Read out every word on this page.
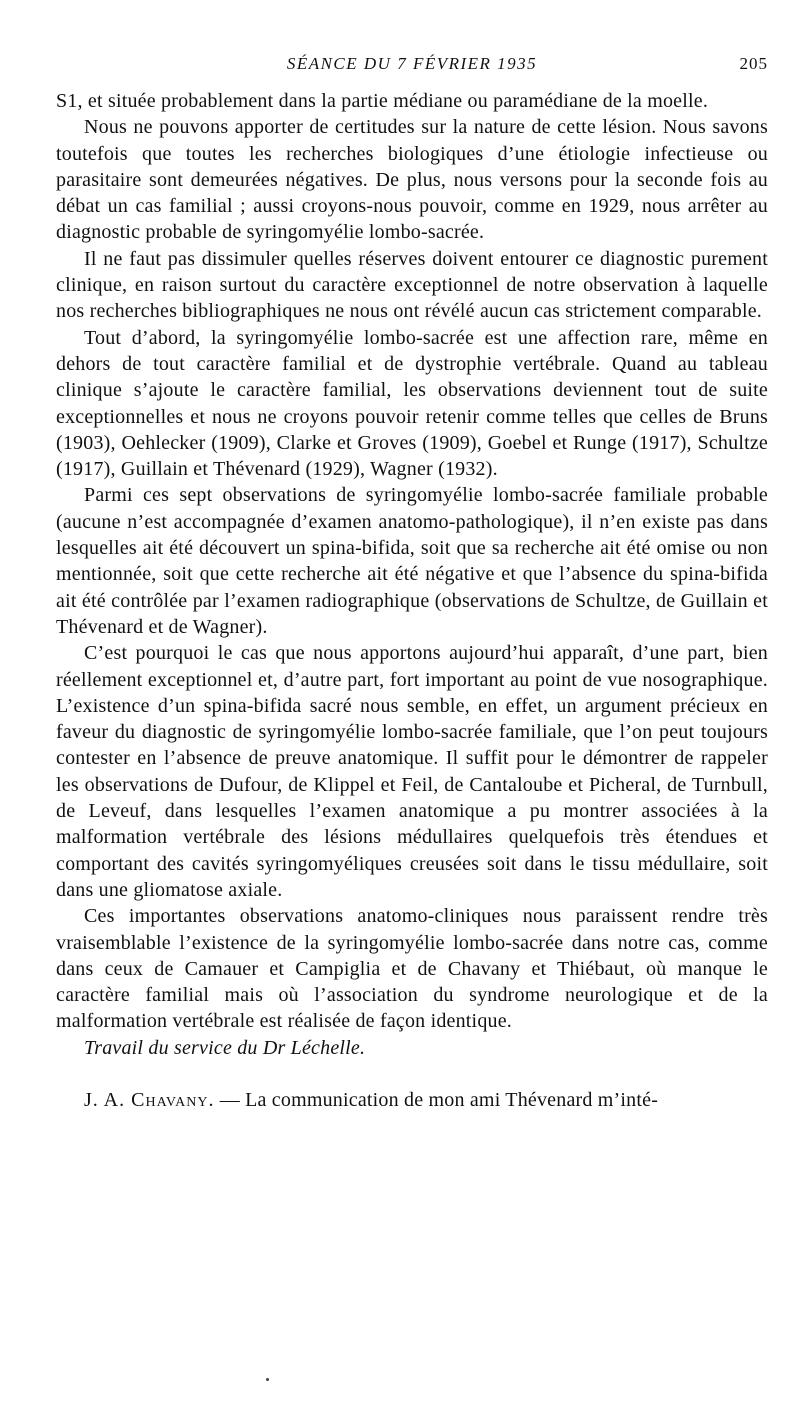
SÉANCE DU 7 FÉVRIER 1935	205

S1, et située probablement dans la partie médiane ou paramédiane de la moelle.

Nous ne pouvons apporter de certitudes sur la nature de cette lésion. Nous savons toutefois que toutes les recherches biologiques d’une étiologie infectieuse ou parasitaire sont demeurées négatives. De plus, nous versons pour la seconde fois au débat un cas familial ; aussi croyons-nous pouvoir, comme en 1929, nous arrêter au diagnostic probable de syringomyélie lombo-sacrée.

Il ne faut pas dissimuler quelles réserves doivent entourer ce diagnostic purement clinique, en raison surtout du caractère exceptionnel de notre observation à laquelle nos recherches bibliographiques ne nous ont révélé aucun cas strictement comparable.

Tout d’abord, la syringomyélie lombo-sacrée est une affection rare, même en dehors de tout caractère familial et de dystrophie vertébrale. Quand au tableau clinique s’ajoute le caractère familial, les observations deviennent tout de suite exceptionnelles et nous ne croyons pouvoir retenir comme telles que celles de Bruns (1903), Oehlecker (1909), Clarke et Groves (1909), Goebel et Runge (1917), Schultze (1917), Guillain et Thévenard (1929), Wagner (1932).

Parmi ces sept observations de syringomyélie lombo-sacrée familiale probable (aucune n’est accompagnée d’examen anatomo-pathologique), il n’en existe pas dans lesquelles ait été découvert un spina-bifida, soit que sa recherche ait été omise ou non mentionnée, soit que cette recherche ait été négative et que l’absence du spina-bifida ait été contrôlée par l’examen radiographique (observations de Schultze, de Guillain et Thévenard et de Wagner).

C’est pourquoi le cas que nous apportons aujourd’hui apparaît, d’une part, bien réellement exceptionnel et, d’autre part, fort important au point de vue nosographique. L’existence d’un spina-bifida sacré nous semble, en effet, un argument précieux en faveur du diagnostic de syringomyélie lombo-sacrée familiale, que l’on peut toujours contester en l’absence de preuve anatomique. Il suffit pour le démontrer de rappeler les observations de Dufour, de Klippel et Feil, de Cantaloube et Picheral, de Turnbull, de Leveuf, dans lesquelles l’examen anatomique a pu montrer associées à la malformation vertébrale des lésions médullaires quelquefois très étendues et comportant des cavités syringomyéliques creusées soit dans le tissu médullaire, soit dans une gliomatose axiale.

Ces importantes observations anatomo-cliniques nous paraissent rendre très vraisemblable l’existence de la syringomyélie lombo-sacrée dans notre cas, comme dans ceux de Camauer et Campiglia et de Chavany et Thiébaut, où manque le caractère familial mais où l’association du syndrome neurologique et de la malformation vertébrale est réalisée de façon identique.

Travail du service du Dr Léchelle.

J. A. Chavany. — La communication de mon ami Thévenard m’inté-
